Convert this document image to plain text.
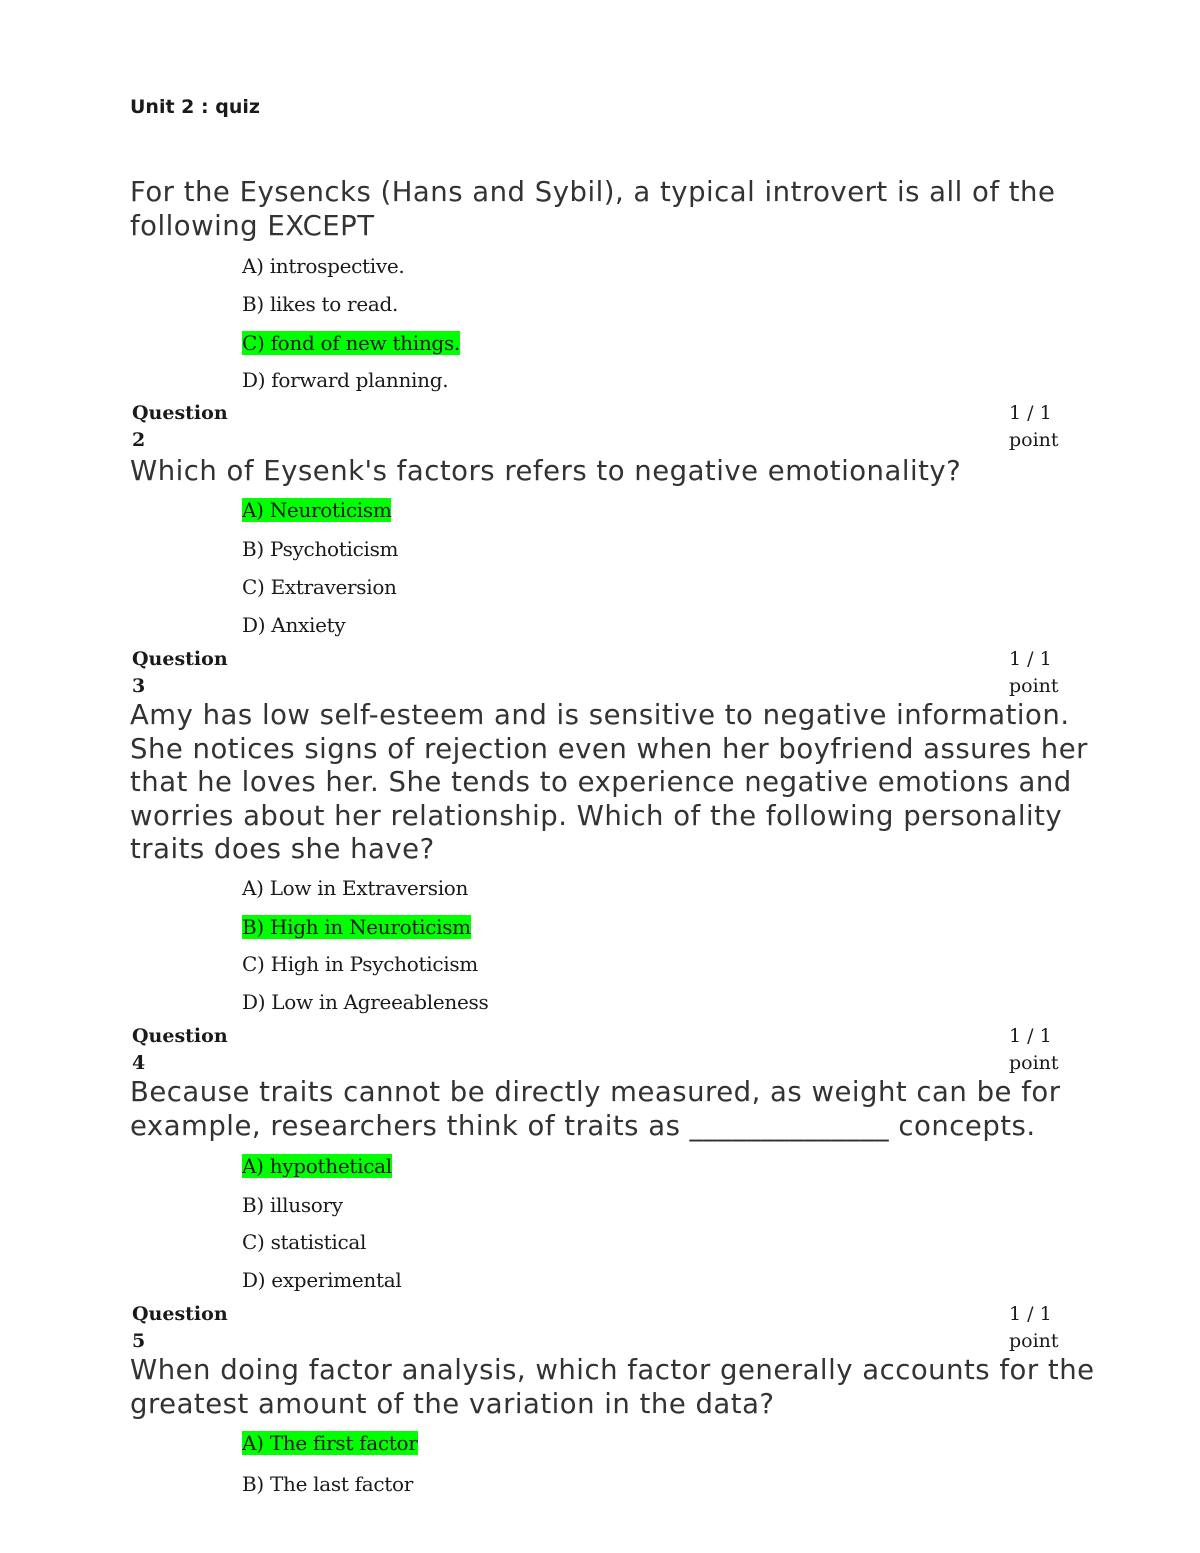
Unit 2 : quiz

For the Eysencks (Hans and Sybil), a typical introvert is all of the following EXCEPT

A) introspective.
B) likes to read.
C) fond of new things.
D) forward planning.
Question
2
1 / 1
point

Which of Eysenk's factors refers to negative emotionality?

A) Neuroticism
B) Psychoticism
C) Extraversion
D) Anxiety
Question
3
1 / 1
point

Amy has low self-esteem and is sensitive to negative information. She notices signs of rejection even when her boyfriend assures her that he loves her. She tends to experience negative emotions and worries about her relationship. Which of the following personality traits does she have?

A) Low in Extraversion
B) High in Neuroticism
C) High in Psychoticism
D) Low in Agreeableness
Question
4
1 / 1
point

Because traits cannot be directly measured, as weight can be for example, researchers think of traits as ______________ concepts.

A) hypothetical
B) illusory
C) statistical
D) experimental
Question
5
1 / 1
point

When doing factor analysis, which factor generally accounts for the greatest amount of the variation in the data?

A) The first factor
B) The last factor
